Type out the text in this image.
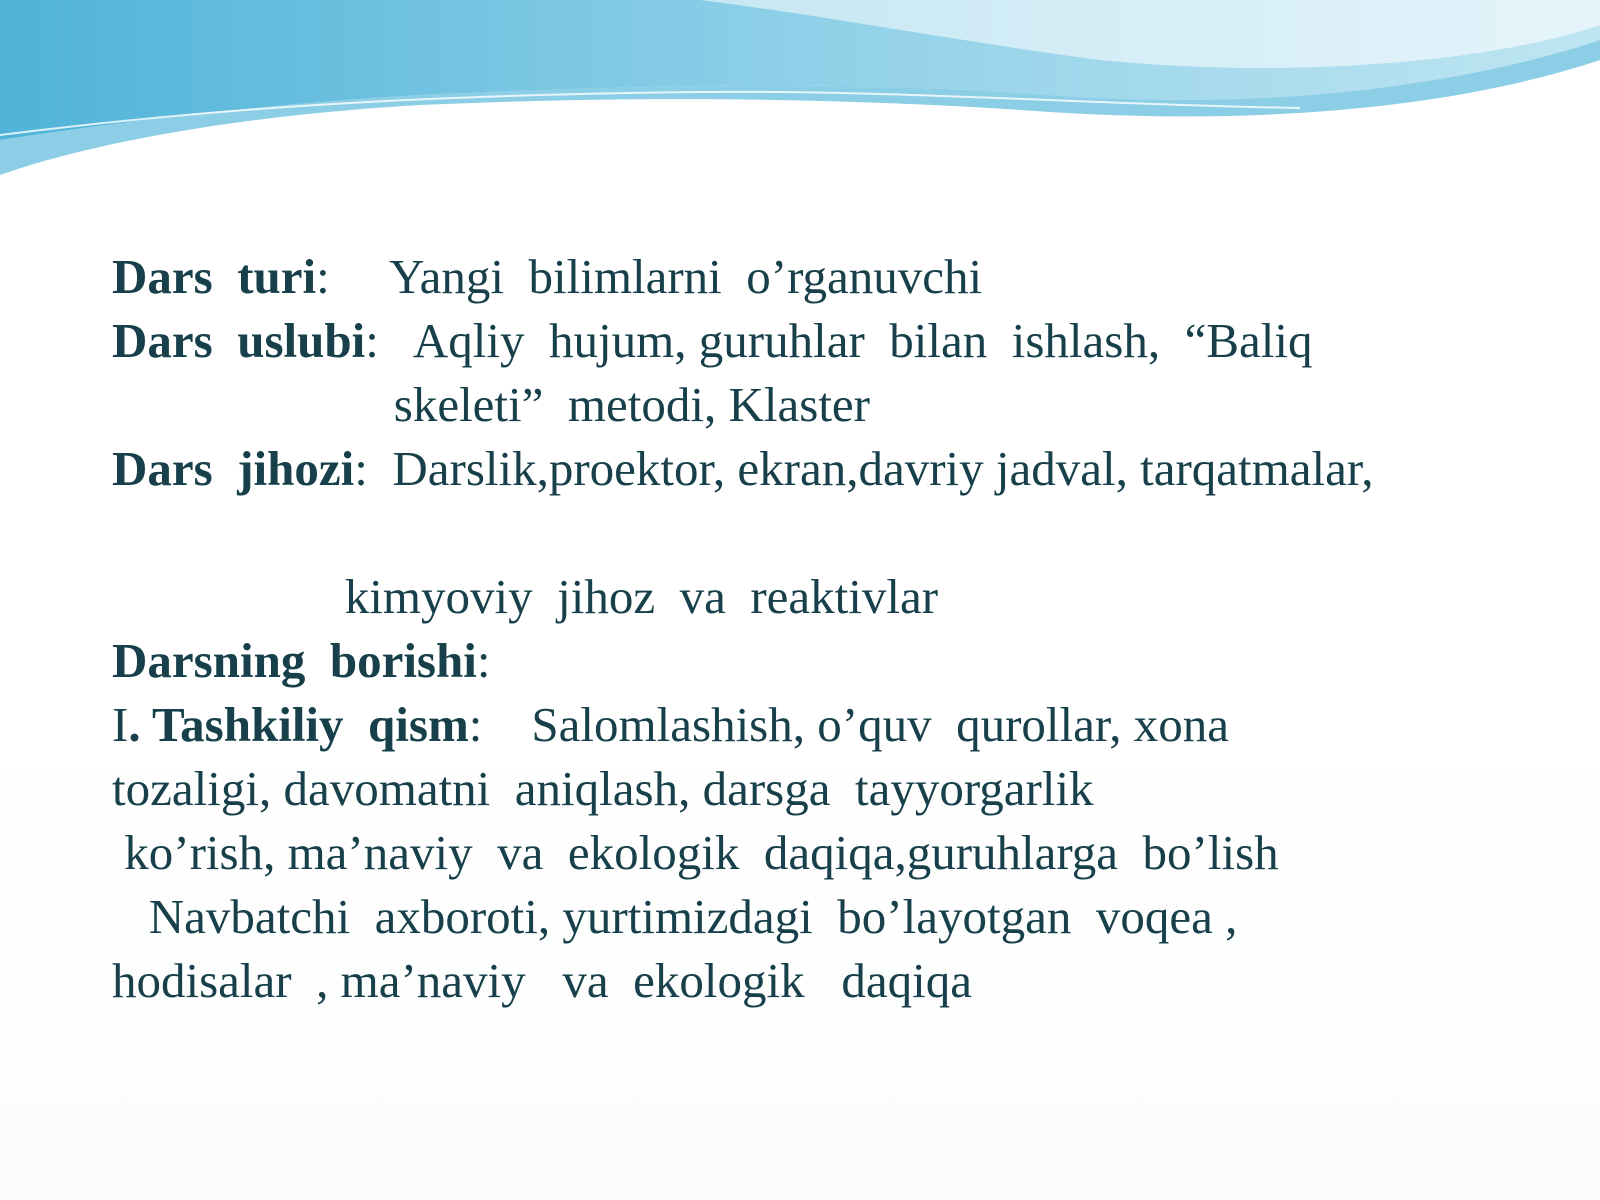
Dars  turi:     Yangi  bilimlarni  o’rganuvchi
Dars  uslubi:   Aqliy  hujum, guruhlar  bilan  ishlash,  “Baliq
skeleti”  metodi, Klaster
Dars  jihozi:  Darslik,proektor, ekran,davriy jadval, tarqatmalar,
kimyoviy  jihoz  va  reaktivlar
Darsning  borishi:
I. Tashkiliy  qism:    Salomlashish, o’quv  qurollar, xona
tozaligi, davomatni  aniqlash, darsga  tayyorgarlik
ko’rish, ma’naviy  va  ekologik  daqiqa,guruhlarga  bo’lish
Navbatchi  axboroti, yurtimizdagi  bo’layotgan  voqea ,
hodisalar  , ma’naviy   va  ekologik   daqiqa
